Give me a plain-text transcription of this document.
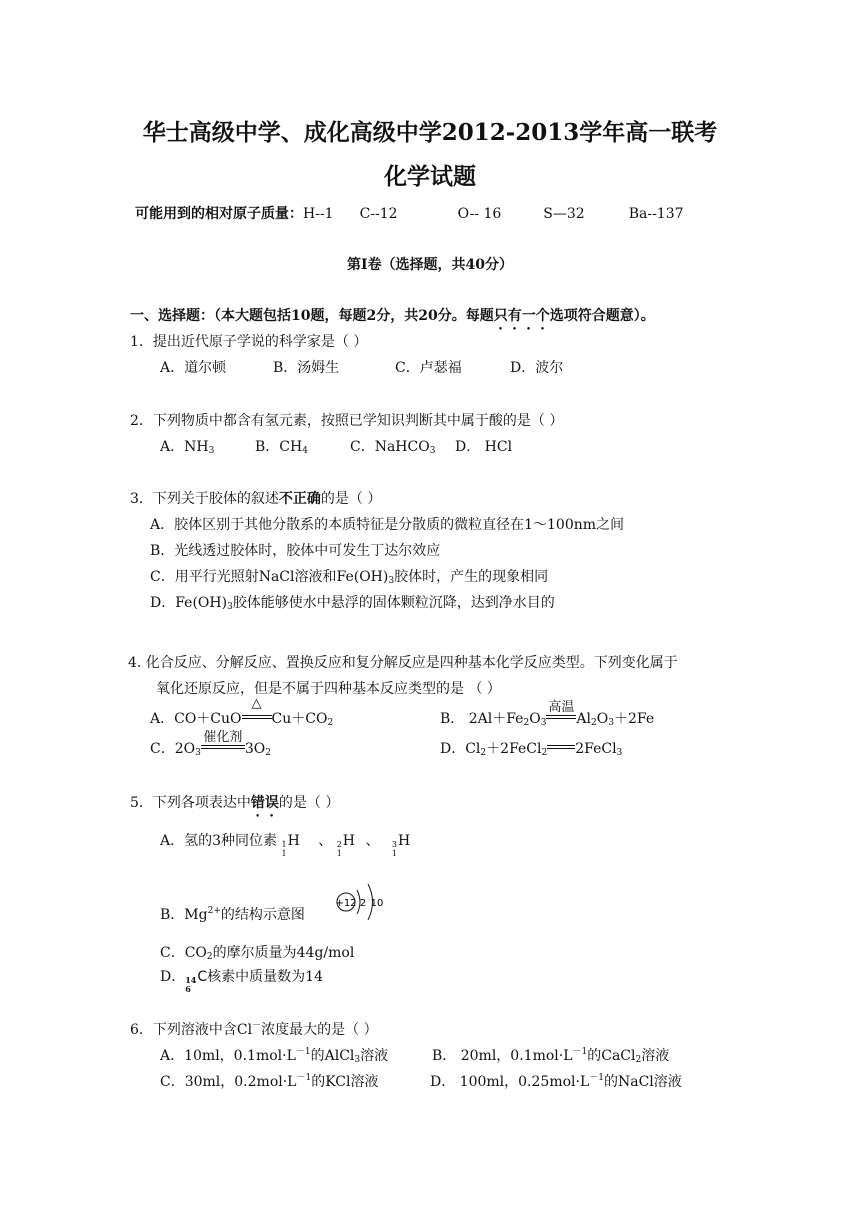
华士高级中学、成化高级中学2012-2013学年高一联考
化学试题
可能用到的相对原子质量：H--1 C--12	O-- 16	S—32	Ba--137
第Ⅰ卷（选择题，共40分）
一、选择题：（本大题包括10题，每题2分，共20分。每题只有一个选项符合题意）。
1．提出近代原子学说的科学家是（ ）
A．道尔顿	B．汤姆生	C．卢瑟福	D．波尔
2．下列物质中都含有氢元素，按照已学知识判断其中属于酸的是（ ）
A．$NH_3$	B．$CH_4$	C．NaHCO$_3$ D． HCl
3．下列关于胶体的叙述不正确的是（ ）
A．胶体区别于其他分散系的本质特征是分散质的微粒直径在1～100nm之间
B．光线透过胶体时，胶体中可发生丁达尔效应
C．用平行光照射NaCl溶液和$Fe(OH)_3$胶体时，产生的现象相同
D．$Fe(OH)_3$胶体能够使水中悬浮的固体颗粒沉降，达到净水目的
4. 化合反应、分解反应、置换反应和复分解反应是四种基本化学反应类型。下列变化属于
氧化还原反应，但是不属于四种基本反应类型的是 （ ）
A．CO＋CuO
△
$Cu+CO_2$	B． $2Al+Fe_2O_3$
高温
$Al_2O_3+2Fe$
C．$2O_3$
催化剂
$3O_2$	D．$Cl_2+2FeCl_2$ 2FeCl$_3$
5．下列各项表达中错误的是（ ）
A．氢的3种同位素 1
1
H 、 2
1
H 、 3
1
H
B．$Mg^{2+}$的结构示意图
+12 2 10
C．$CO_2$的摩尔质量为44g/mol
D． 14
6
C核素中质量数为14
6．下列溶液中含Cl－浓度最大的是（ ）
A．10ml，$0.1mol\cdot L^{-1}$的AlCl$_3$溶液	B． 20ml，$0.1mol\cdot L^{-1}$的CaCl$_2$溶液
C．30ml，$0.2mol\cdot L^{-1}$的KCl溶液	D． 100ml，$0.25mol\cdot L^{-1}$的NaCl溶液
